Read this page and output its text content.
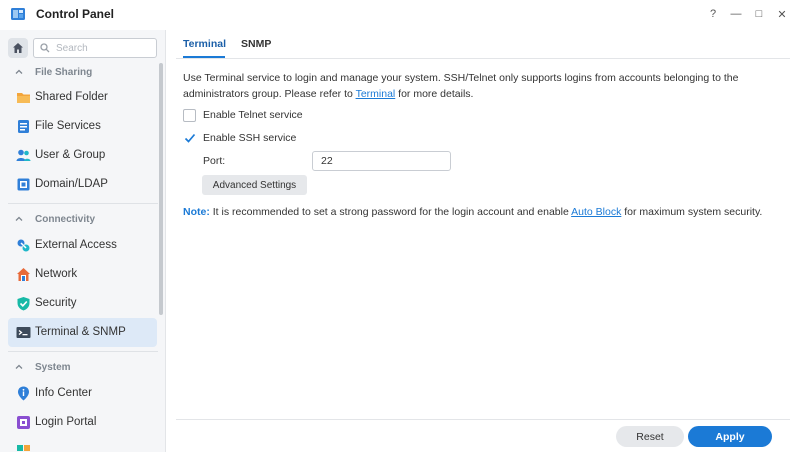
Control Panel	?	—	□	✕
Search
File Sharing
Shared Folder
File Services
User & Group
Domain/LDAP
Connectivity
External Access
Network
Security
Terminal & SNMP
System
Info Center
Login Portal
Terminal SNMP
Use Terminal service to login and manage your system. SSH/Telnet only supports logins from accounts belonging to the administrators group. Please refer to Terminal for more details.
Enable Telnet service
Enable SSH service
Port:
22
Advanced Settings
Note: It is recommended to set a strong password for the login account and enable Auto Block for maximum system security.
Reset	Apply
